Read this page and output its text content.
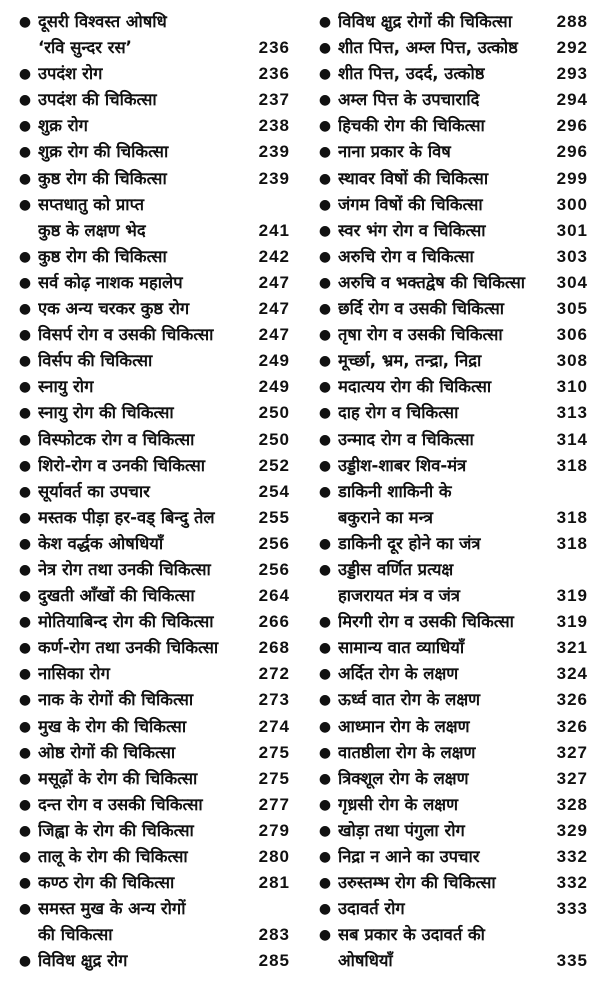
● दूसरी विश्वस्त ओषधि
‘रवि सुन्दर रस’	236
● उपदंश रोग	236
● उपदंश की चिकित्सा	237
● शुक्र रोग	238
● शुक्र रोग की चिकित्सा	239
● कुष्ठ रोग की चिकित्सा	239
● सप्तधातु को प्राप्त
कुष्ठ के लक्षण भेद	241
● कुष्ठ रोग की चिकित्सा	242
● सर्व कोढ़ नाशक महालेप	247
● एक अन्य चरकर कुष्ठ रोग	247
● विसर्प रोग व उसकी चिकित्सा	247
● विर्सप की चिकित्सा	249
● स्नायु रोग	249
● स्नायु रोग की चिकित्सा	250
● विस्फोटक रोग व चिकित्सा	250
● शिरो-रोग व उनकी चिकित्सा	252
● सूर्यावर्त का उपचार	254
● मस्तक पीड़ा हर-वड् बिन्दु तेल	255
● केश वर्द्धक ओषधियाँ	256
● नेत्र रोग तथा उनकी चिकित्सा	256
● दुखती आँखों की चिकित्सा	264
● मोतियाबिन्द रोग की चिकित्सा	266
● कर्ण-रोग तथा उनकी चिकित्सा	268
● नासिका रोग	272
● नाक के रोगों की चिकित्सा	273
● मुख के रोग की चिकित्सा	274
● ओष्ठ रोगों की चिकित्सा	275
● मसूढ़ों के रोग की चिकित्सा	275
● दन्त रोग व उसकी चिकित्सा	277
● जिह्वा के रोग की चिकित्सा	279
● तालू के रोग की चिकित्सा	280
● कण्ठ रोग की चिकित्सा	281
● समस्त मुख के अन्य रोगों
की चिकित्सा	283
● विविध क्षुद्र रोग	285
● विविध क्षुद्र रोगों की चिकित्सा	288
● शीत पित्त, अम्ल पित्त, उत्कोष्ठ	292
● शीत पित्त, उदर्द, उत्कोष्ठ	293
● अम्ल पित्त के उपचारादि	294
● हिचकी रोग की चिकित्सा	296
● नाना प्रकार के विष	296
● स्थावर विषों की चिकित्सा	299
● जंगम विषों की चिकित्सा	300
● स्वर भंग रोग व चिकित्सा	301
● अरुचि रोग व चिकित्सा	303
● अरुचि व भक्तद्वेष की चिकित्सा	304
● छर्दि रोग व उसकी चिकित्सा	305
● तृषा रोग व उसकी चिकित्सा	306
● मूर्च्छा, भ्रम, तन्द्रा, निद्रा	308
● मदात्यय रोग की चिकित्सा	310
● दाह रोग व चिकित्सा	313
● उन्माद रोग व चिकित्सा	314
● उड्डीश-शाबर शिव-मंत्र	318
● डाकिनी शाकिनी के
बकुराने का मन्त्र	318
● डाकिनी दूर होने का जंत्र	318
● उड्डीस वर्णित प्रत्यक्ष
हाजरायत मंत्र व जंत्र	319
● मिरगी रोग व उसकी चिकित्सा	319
● सामान्य वात व्याधियाँ	321
● अर्दित रोग के लक्षण	324
● ऊर्ध्व वात रोग के लक्षण	326
● आध्मान रोग के लक्षण	326
● वातष्ठीला रोग के लक्षण	327
● त्रिक्शूल रोग के लक्षण	327
● गृध्रसी रोग के लक्षण	328
● खोड़ा तथा पंगुला रोग	329
● निद्रा न आने का उपचार	332
● उरुस्तम्भ रोग की चिकित्सा	332
● उदावर्त रोग	333
● सब प्रकार के उदावर्त की
ओषधियाँ	335
